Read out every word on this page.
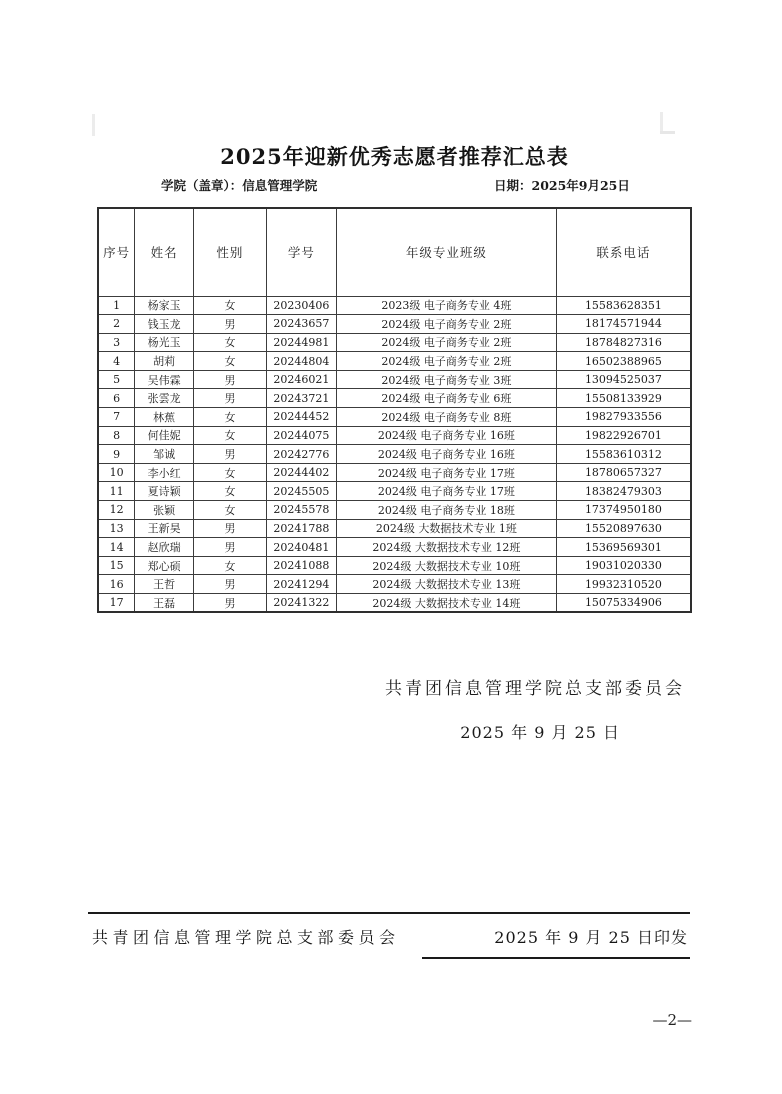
2025年迎新优秀志愿者推荐汇总表
学院（盖章）：信息管理学院	日期：2025年9月25日
序号	姓名	性别	学号	年级专业班级	联系电话
1	杨家玉	女	20230406	2023级 电子商务专业 4班	15583628351
2	钱玉龙	男	20243657	2024级 电子商务专业 2班	18174571944
3	杨光玉	女	20244981	2024级 电子商务专业 2班	18784827316
4	胡莉	女	20244804	2024级 电子商务专业 2班	16502388965
5	吴伟霖	男	20246021	2024级 电子商务专业 3班	13094525037
6	张雲龙	男	20243721	2024级 电子商务专业 6班	15508133929
7	林蕉	女	20244452	2024级 电子商务专业 8班	19827933556
8	何佳妮	女	20244075	2024级 电子商务专业 16班	19822926701
9	邹诚	男	20242776	2024级 电子商务专业 16班	15583610312
10	李小红	女	20244402	2024级 电子商务专业 17班	18780657327
11	夏诗颖	女	20245505	2024级 电子商务专业 17班	18382479303
12	张颖	女	20245578	2024级 电子商务专业 18班	17374950180
13	王新昊	男	20241788	2024级 大数据技术专业 1班	15520897630
14	赵欣瑞	男	20240481	2024级 大数据技术专业 12班	15369569301
15	郑心硕	女	20241088	2024级 大数据技术专业 10班	19031020330
16	王哲	男	20241294	2024级 大数据技术专业 13班	19932310520
17	王磊	男	20241322	2024级 大数据技术专业 14班	15075334906
共青团信息管理学院总支部委员会
2025 年 9 月 25 日
共青团信息管理学院总支部委员会	2025 年 9 月 25 日印发
—2—
